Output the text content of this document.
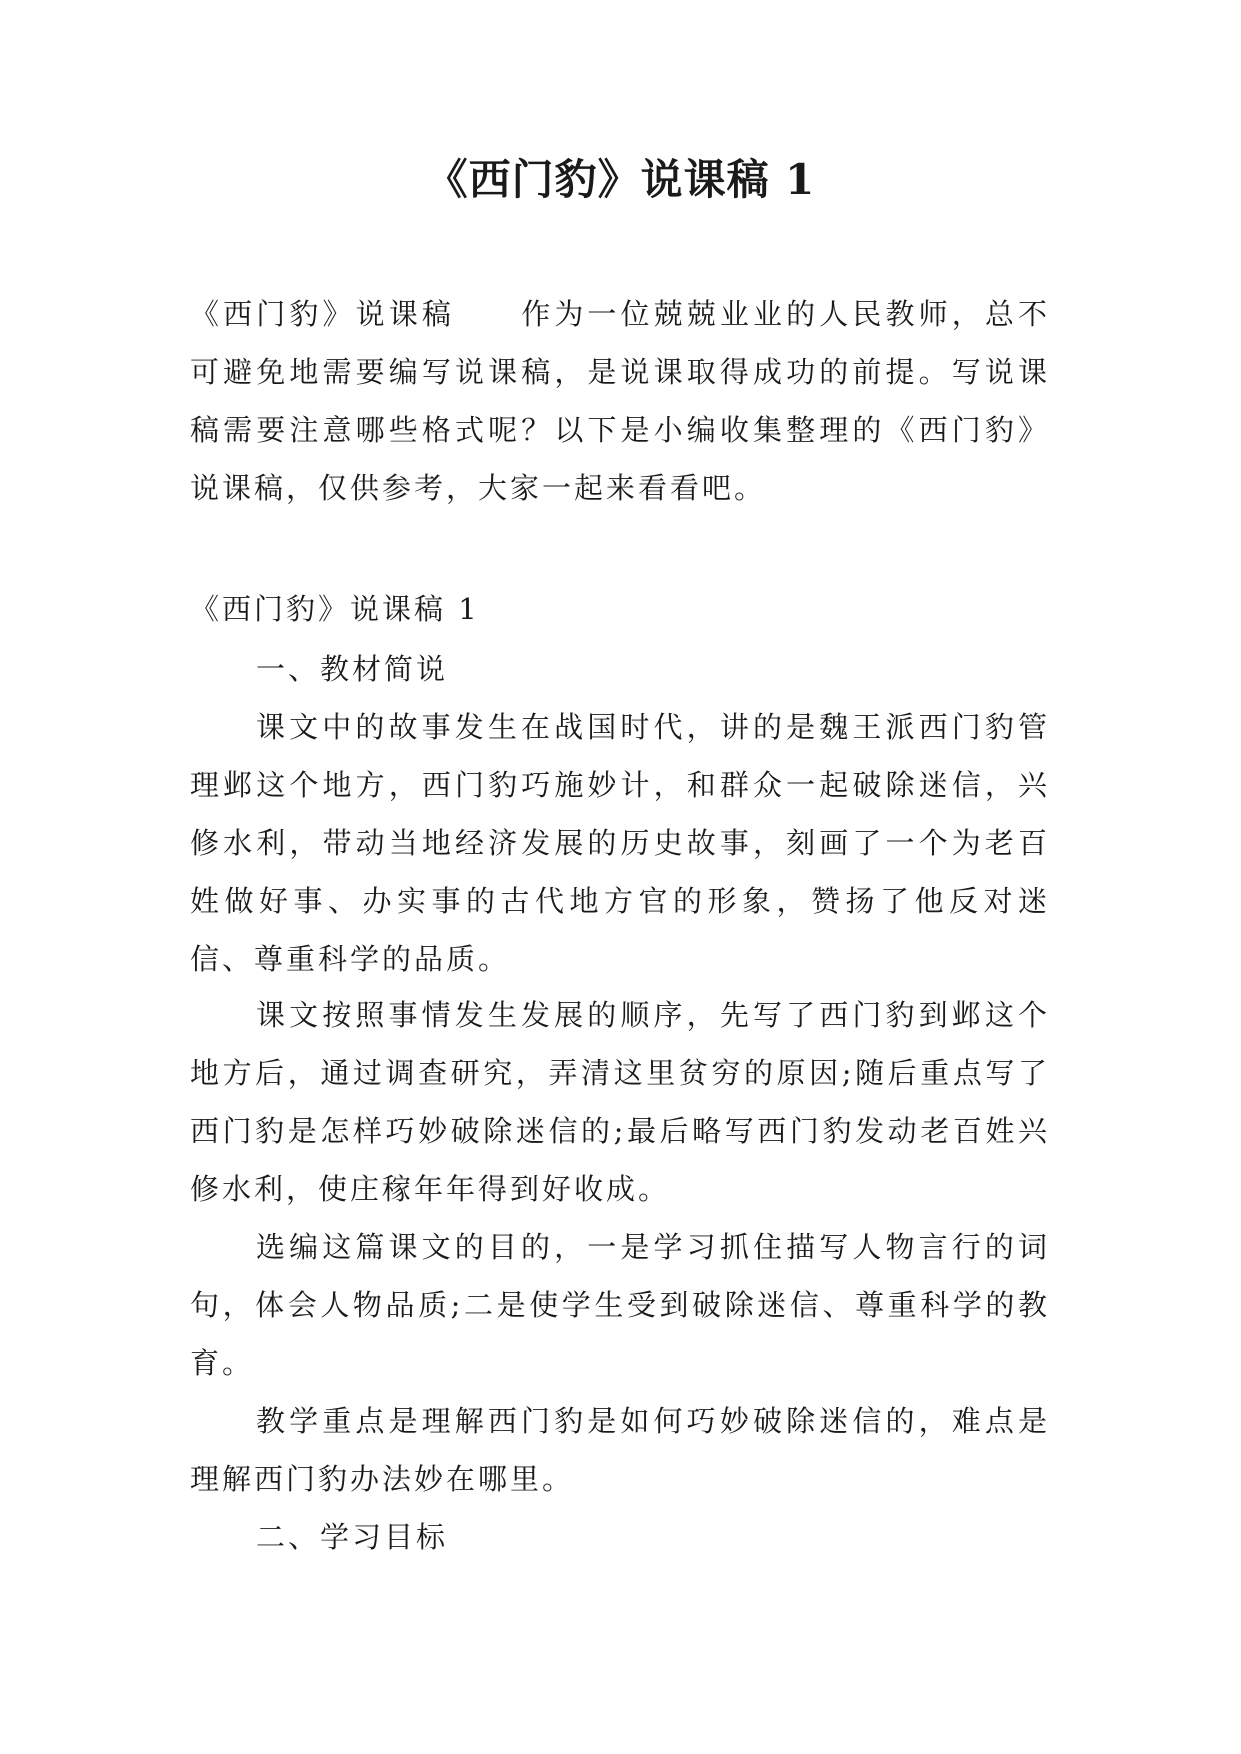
《西门豹》说课稿 1

《西门豹》说课稿　　作为一位兢兢业业的人民教师，总不可避免地需要编写说课稿，是说课取得成功的前提。写说课稿需要注意哪些格式呢？以下是小编收集整理的《西门豹》说课稿，仅供参考，大家一起来看看吧。

《西门豹》说课稿 1

一、教材简说

课文中的故事发生在战国时代，讲的是魏王派西门豹管理邺这个地方，西门豹巧施妙计，和群众一起破除迷信，兴修水利，带动当地经济发展的历史故事，刻画了一个为老百姓做好事、办实事的古代地方官的形象，赞扬了他反对迷信、尊重科学的品质。

课文按照事情发生发展的顺序，先写了西门豹到邺这个地方后，通过调查研究，弄清这里贫穷的原因;随后重点写了西门豹是怎样巧妙破除迷信的;最后略写西门豹发动老百姓兴修水利，使庄稼年年得到好收成。

选编这篇课文的目的，一是学习抓住描写人物言行的词句，体会人物品质;二是使学生受到破除迷信、尊重科学的教育。

教学重点是理解西门豹是如何巧妙破除迷信的，难点是理解西门豹办法妙在哪里。

二、学习目标
